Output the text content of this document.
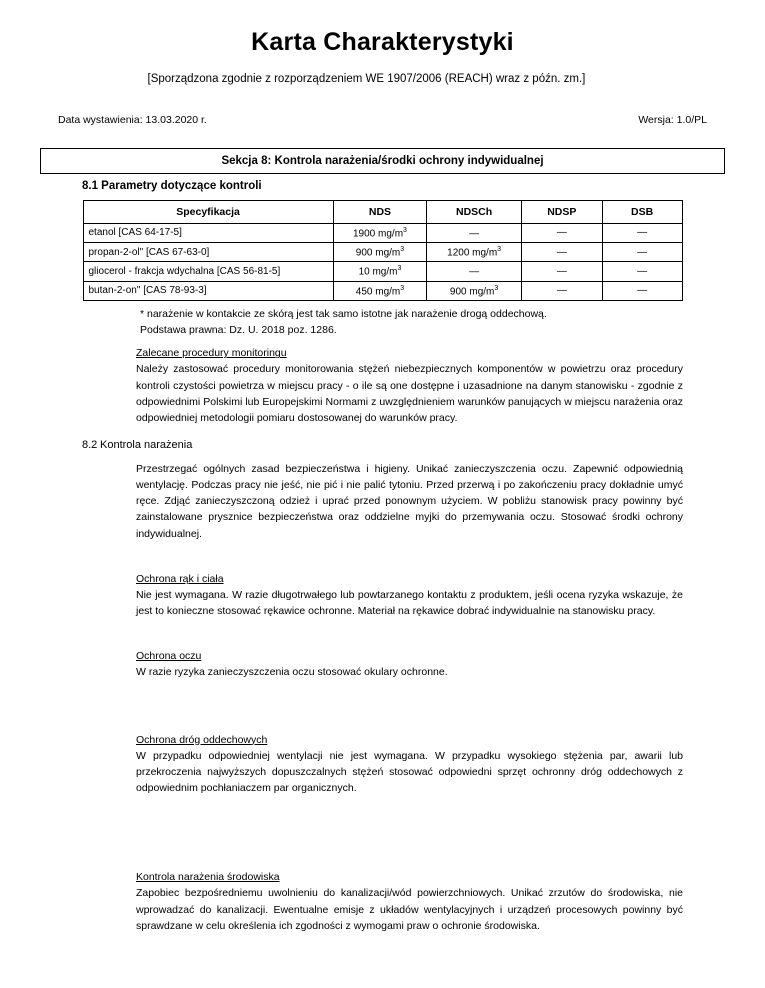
Karta Charakterystyki
[Sporządzona zgodnie z rozporządzeniem WE 1907/2006 (REACH) wraz z późn. zm.]
Data wystawienia: 13.03.2020 r.	Wersja: 1.0/PL
Sekcja 8: Kontrola narażenia/środki ochrony indywidualnej
8.1 Parametry dotyczące kontroli
Specyfikacja	NDS	NDSCh	NDSP	DSB
etanol [CAS 64-17-5]	1900 $mg/m^3$	—	—	—
propan-2-ol" [CAS 67-63-0]	900 $mg/m^3$	1200 $mg/m^3$	—	—
gliocerol - frakcja wdychalna [CAS 56-81-5]	10 $mg/m^3$	—	—	—
butan-2-on" [CAS 78-93-3]	450 $mg/m^3$	900 $mg/m^3$	—	—
* narażenie w kontakcie ze skórą jest tak samo istotne jak narażenie drogą oddechową.
Podstawa prawna: Dz. U. 2018 poz. 1286.
Zalecane procedury monitoringu
Należy zastosować procedury monitorowania stężeń niebezpiecznych komponentów w powietrzu oraz procedury kontroli czystości powietrza w miejscu pracy - o ile są one dostępne i uzasadnione na danym stanowisku - zgodnie z odpowiednimi Polskimi lub Europejskimi Normami z uwzględnieniem warunków panujących w miejscu narażenia oraz odpowiedniej metodologii pomiaru dostosowanej do warunków pracy.
8.2 Kontrola narażenia
Przestrzegać ogólnych zasad bezpieczeństwa i higieny. Unikać zanieczyszczenia oczu. Zapewnić odpowiednią wentylację. Podczas pracy nie jeść, nie pić i nie palić tytoniu. Przed przerwą i po zakończeniu pracy dokładnie umyć ręce. Zdjąć zanieczyszczoną odzież i uprać przed ponownym użyciem. W pobliżu stanowisk pracy powinny być zainstalowane prysznice bezpieczeństwa oraz oddzielne myjki do przemywania oczu. Stosować środki ochrony indywidualnej.
Ochrona rąk i ciała
Nie jest wymagana. W razie długotrwałego lub powtarzanego kontaktu z produktem, jeśli ocena ryzyka wskazuje, że jest to konieczne stosować rękawice ochronne. Materiał na rękawice dobrać indywidualnie na stanowisku pracy.
Ochrona oczu
W razie ryzyka zanieczyszczenia oczu stosować okulary ochronne.
Ochrona dróg oddechowych
W przypadku odpowiedniej wentylacji nie jest wymagana. W przypadku wysokiego stężenia par, awarii lub przekroczenia najwyższych dopuszczalnych stężeń stosować odpowiedni sprzęt ochronny dróg oddechowych z odpowiednim pochłaniaczem par organicznych.
Kontrola narażenia środowiska
Zapobiec bezpośredniemu uwolnieniu do kanalizacji/wód powierzchniowych. Unikać zrzutów do środowiska, nie wprowadzać do kanalizacji. Ewentualne emisje z układów wentylacyjnych i urządzeń procesowych powinny być sprawdzane w celu określenia ich zgodności z wymogami praw o ochronie środowiska.
